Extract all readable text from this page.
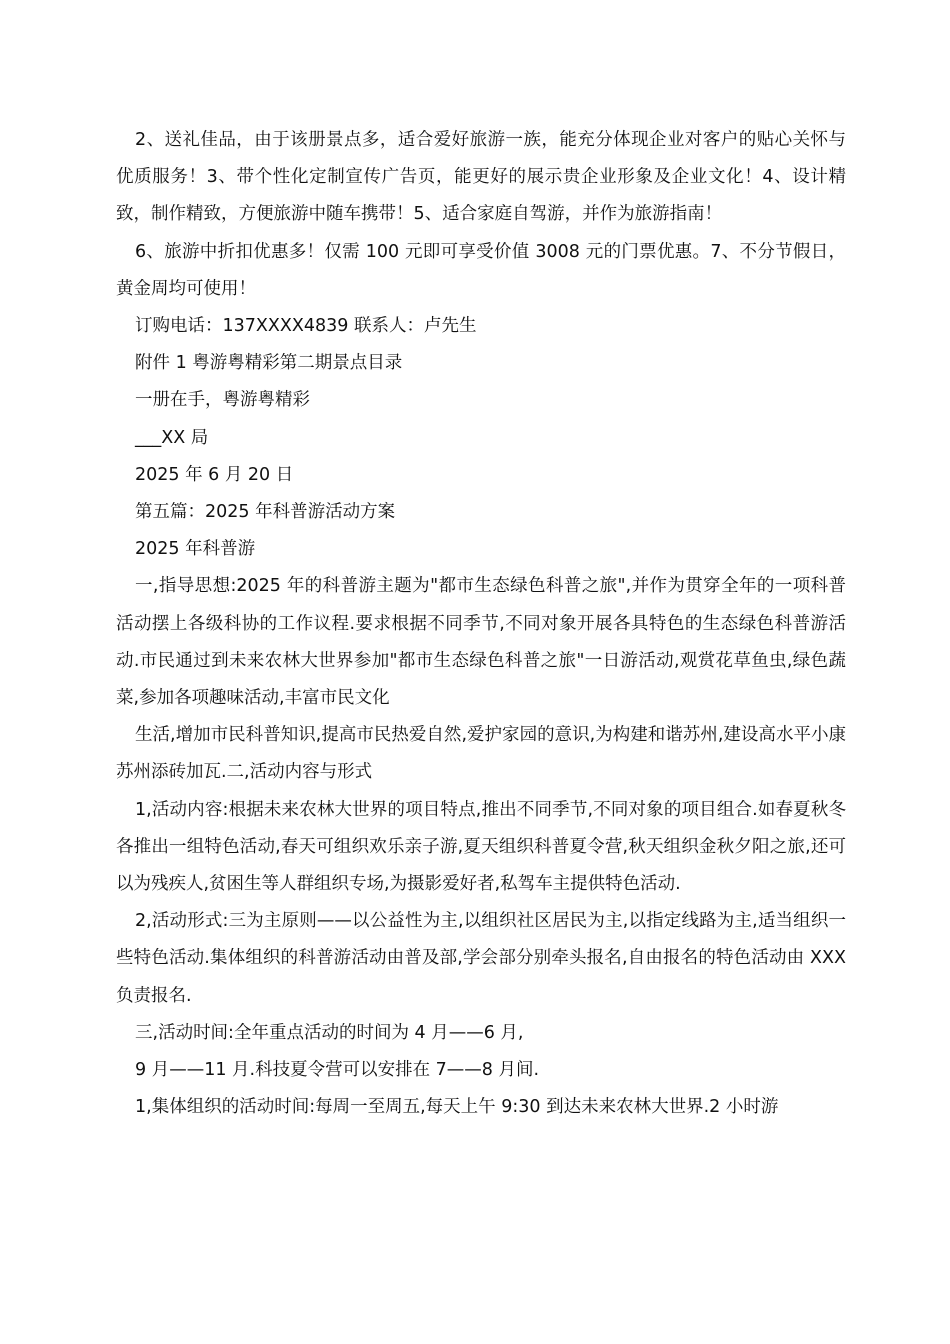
2、送礼佳品，由于该册景点多，适合爱好旅游一族，能充分体现企业对客户的贴心关怀与优质服务！3、带个性化定制宣传广告页，能更好的展示贵企业形象及企业文化！4、设计精致，制作精致，方便旅游中随车携带！5、适合家庭自驾游，并作为旅游指南！

6、旅游中折扣优惠多！仅需 100 元即可享受价值 3008 元的门票优惠。7、不分节假日，黄金周均可使用！

订购电话：137XXXX4839 联系人：卢先生

附件 1 粤游粤精彩第二期景点目录

一册在手，粤游粤精彩

___XX 局

2025 年 6 月 20 日

第五篇：2025 年科普游活动方案

2025 年科普游

一,指导思想:2025 年的科普游主题为"都市生态绿色科普之旅",并作为贯穿全年的一项科普活动摆上各级科协的工作议程.要求根据不同季节,不同对象开展各具特色的生态绿色科普游活动.市民通过到未来农林大世界参加"都市生态绿色科普之旅"一日游活动,观赏花草鱼虫,绿色蔬菜,参加各项趣味活动,丰富市民文化

生活,增加市民科普知识,提高市民热爱自然,爱护家园的意识,为构建和谐苏州,建设高水平小康苏州添砖加瓦.二,活动内容与形式

1,活动内容:根据未来农林大世界的项目特点,推出不同季节,不同对象的项目组合.如春夏秋冬各推出一组特色活动,春天可组织欢乐亲子游,夏天组织科普夏令营,秋天组织金秋夕阳之旅,还可以为残疾人,贫困生等人群组织专场,为摄影爱好者,私驾车主提供特色活动.

2,活动形式:三为主原则——以公益性为主,以组织社区居民为主,以指定线路为主,适当组织一些特色活动.集体组织的科普游活动由普及部,学会部分别牵头报名,自由报名的特色活动由 XXX 负责报名.

三,活动时间:全年重点活动的时间为 4 月——6 月,

9 月——11 月.科技夏令营可以安排在 7——8 月间.

1,集体组织的活动时间:每周一至周五,每天上午 9:30 到达未来农林大世界.2 小时游
